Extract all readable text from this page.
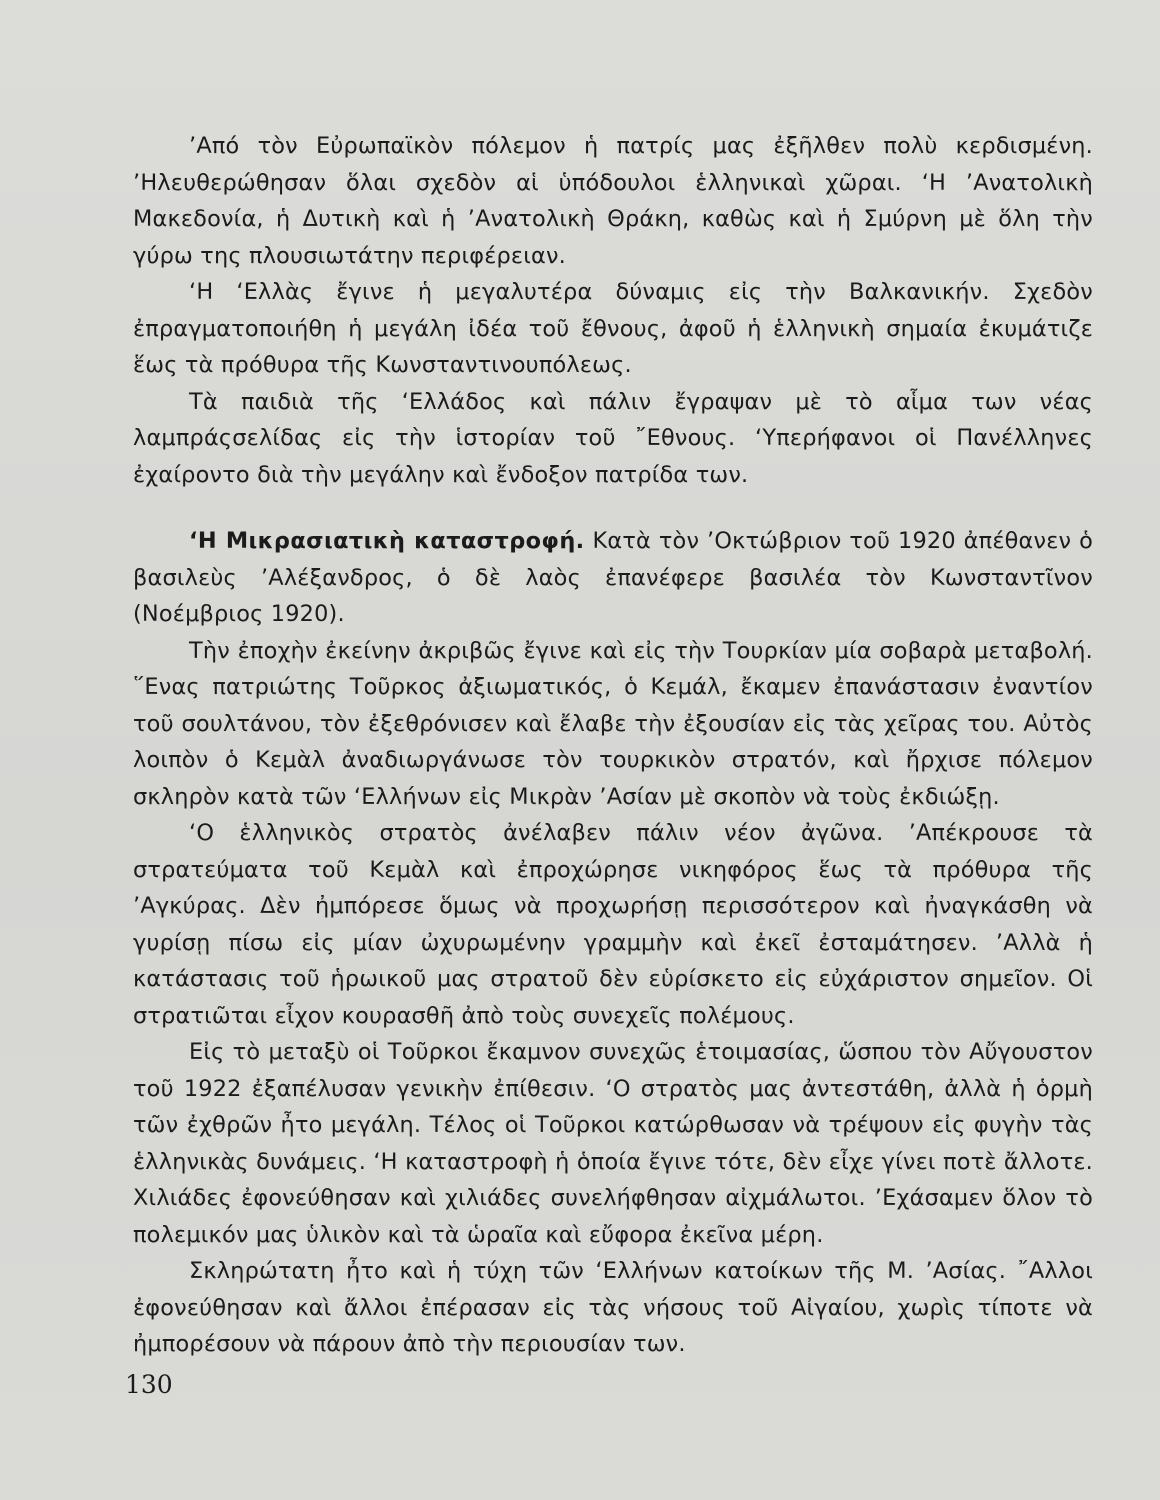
’Από τὸν Εὐρωπαϊκὸν πόλεμον ἡ πατρίς μας ἐξῆλθεν πολὺ κερδισμένη. ’Ηλευθερώθησαν ὅλαι σχεδὸν αἱ ὑπόδουλοι ἑλληνικαὶ χῶραι. ‘Η ’Ανατολικὴ Μακεδονία, ἡ Δυτικὴ καὶ ἡ ’Ανατολικὴ Θράκη, καθὼς καὶ ἡ Σμύρνη μὲ ὅλη τὴν γύρω της πλουσιωτάτην περιφέρειαν.

‘Η ‘Ελλὰς ἔγινε ἡ μεγαλυτέρα δύναμις εἰς τὴν Βαλκανικήν. Σχεδὸν ἐπραγματοποιήθη ἡ μεγάλη ἰδέα τοῦ ἔθνους, ἀφοῦ ἡ ἑλληνικὴ σημαία ἐκυμάτιζε ἕως τὰ πρόθυρα τῆς Κωνσταντινουπόλεως.

Τὰ παιδιὰ τῆς ‘Ελλάδος καὶ πάλιν ἔγραψαν μὲ τὸ αἷμα των νέας λαμπράςσελίδας εἰς τὴν ἱστορίαν τοῦ ῎Εθνους. ‘Υπερήφανοι οἱ Πανέλληνες ἐχαίροντο διὰ τὴν μεγάλην καὶ ἔνδοξον πατρίδα των.

‘Η Μικρασιατικὴ καταστροφή. Κατὰ τὸν ’Οκτώβριον τοῦ 1920 ἀπέθανεν ὁ βασιλεὺς ’Αλέξανδρος, ὁ δὲ λαὸς ἐπανέφερε βασιλέα τὸν Κωνσταντῖνον (Νοέμβριος 1920).

Τὴν ἐποχὴν ἐκείνην ἀκριβῶς ἔγινε καὶ εἰς τὴν Τουρκίαν μία σοβαρὰ μεταβολή. ῞Ενας πατριώτης Τοῦρκος ἀξιωματικός, ὁ Κεμάλ, ἔκαμεν ἐπανάστασιν ἐναντίον τοῦ σουλτάνου, τὸν ἐξεθρόνισεν καὶ ἔλαβε τὴν ἐξουσίαν εἰς τὰς χεῖρας του. Αὐτὸς λοιπὸν ὁ Κεμὰλ ἀναδιωργάνωσε τὸν τουρκικὸν στρατόν, καὶ ἤρχισε πόλεμον σκληρὸν κατὰ τῶν ‘Ελλήνων εἰς Μικρὰν ’Ασίαν μὲ σκοπὸν νὰ τοὺς ἐκδιώξῃ.

‘Ο ἑλληνικὸς στρατὸς ἀνέλαβεν πάλιν νέον ἀγῶνα. ’Απέκρουσε τὰ στρατεύματα τοῦ Κεμὰλ καὶ ἐπροχώρησε νικηφόρος ἕως τὰ πρόθυρα τῆς ’Αγκύρας. Δὲν ἠμπόρεσε ὅμως νὰ προχωρήσῃ περισσότερον καὶ ἠναγκάσθη νὰ γυρίσῃ πίσω εἰς μίαν ὠχυρωμένην γραμμὴν καὶ ἐκεῖ ἐσταμάτησεν. ’Αλλὰ ἡ κατάστασις τοῦ ἡρωικοῦ μας στρατοῦ δὲν εὑρίσκετο εἰς εὐχάριστον σημεῖον. Οἱ στρατιῶται εἶχον κουρασθῆ ἀπὸ τοὺς συνεχεῖς πολέμους.

Εἰς τὸ μεταξὺ οἱ Τοῦρκοι ἔκαμνον συνεχῶς ἑτοιμασίας, ὥσπου τὸν Αὔγουστον τοῦ 1922 ἐξαπέλυσαν γενικὴν ἐπίθεσιν. ‘Ο στρατὸς μας ἀντεστάθη, ἀλλὰ ἡ ὁρμὴ τῶν ἐχθρῶν ἦτο μεγάλη. Τέλος οἱ Τοῦρκοι κατώρθωσαν νὰ τρέψουν εἰς φυγὴν τὰς ἑλληνικὰς δυνάμεις. ‘Η καταστροφὴ ἡ ὁποία ἔγινε τότε, δὲν εἶχε γίνει ποτὲ ἄλλοτε. Χιλιάδες ἐφονεύθησαν καὶ χιλιάδες συνελήφθησαν αἰχμάλωτοι. ’Εχάσαμεν ὅλον τὸ πολεμικόν μας ὑλικὸν καὶ τὰ ὡραῖα καὶ εὔφορα ἐκεῖνα μέρη.

Σκληρώτατη ἦτο καὶ ἡ τύχη τῶν ‘Ελλήνων κατοίκων τῆς Μ. ’Ασίας. ῎Αλλοι ἐφονεύθησαν καὶ ἄλλοι ἐπέρασαν εἰς τὰς νήσους τοῦ Αἰγαίου, χωρὶς τίποτε νὰ ἠμπορέσουν νὰ πάρουν ἀπὸ τὴν περιουσίαν των.

130
